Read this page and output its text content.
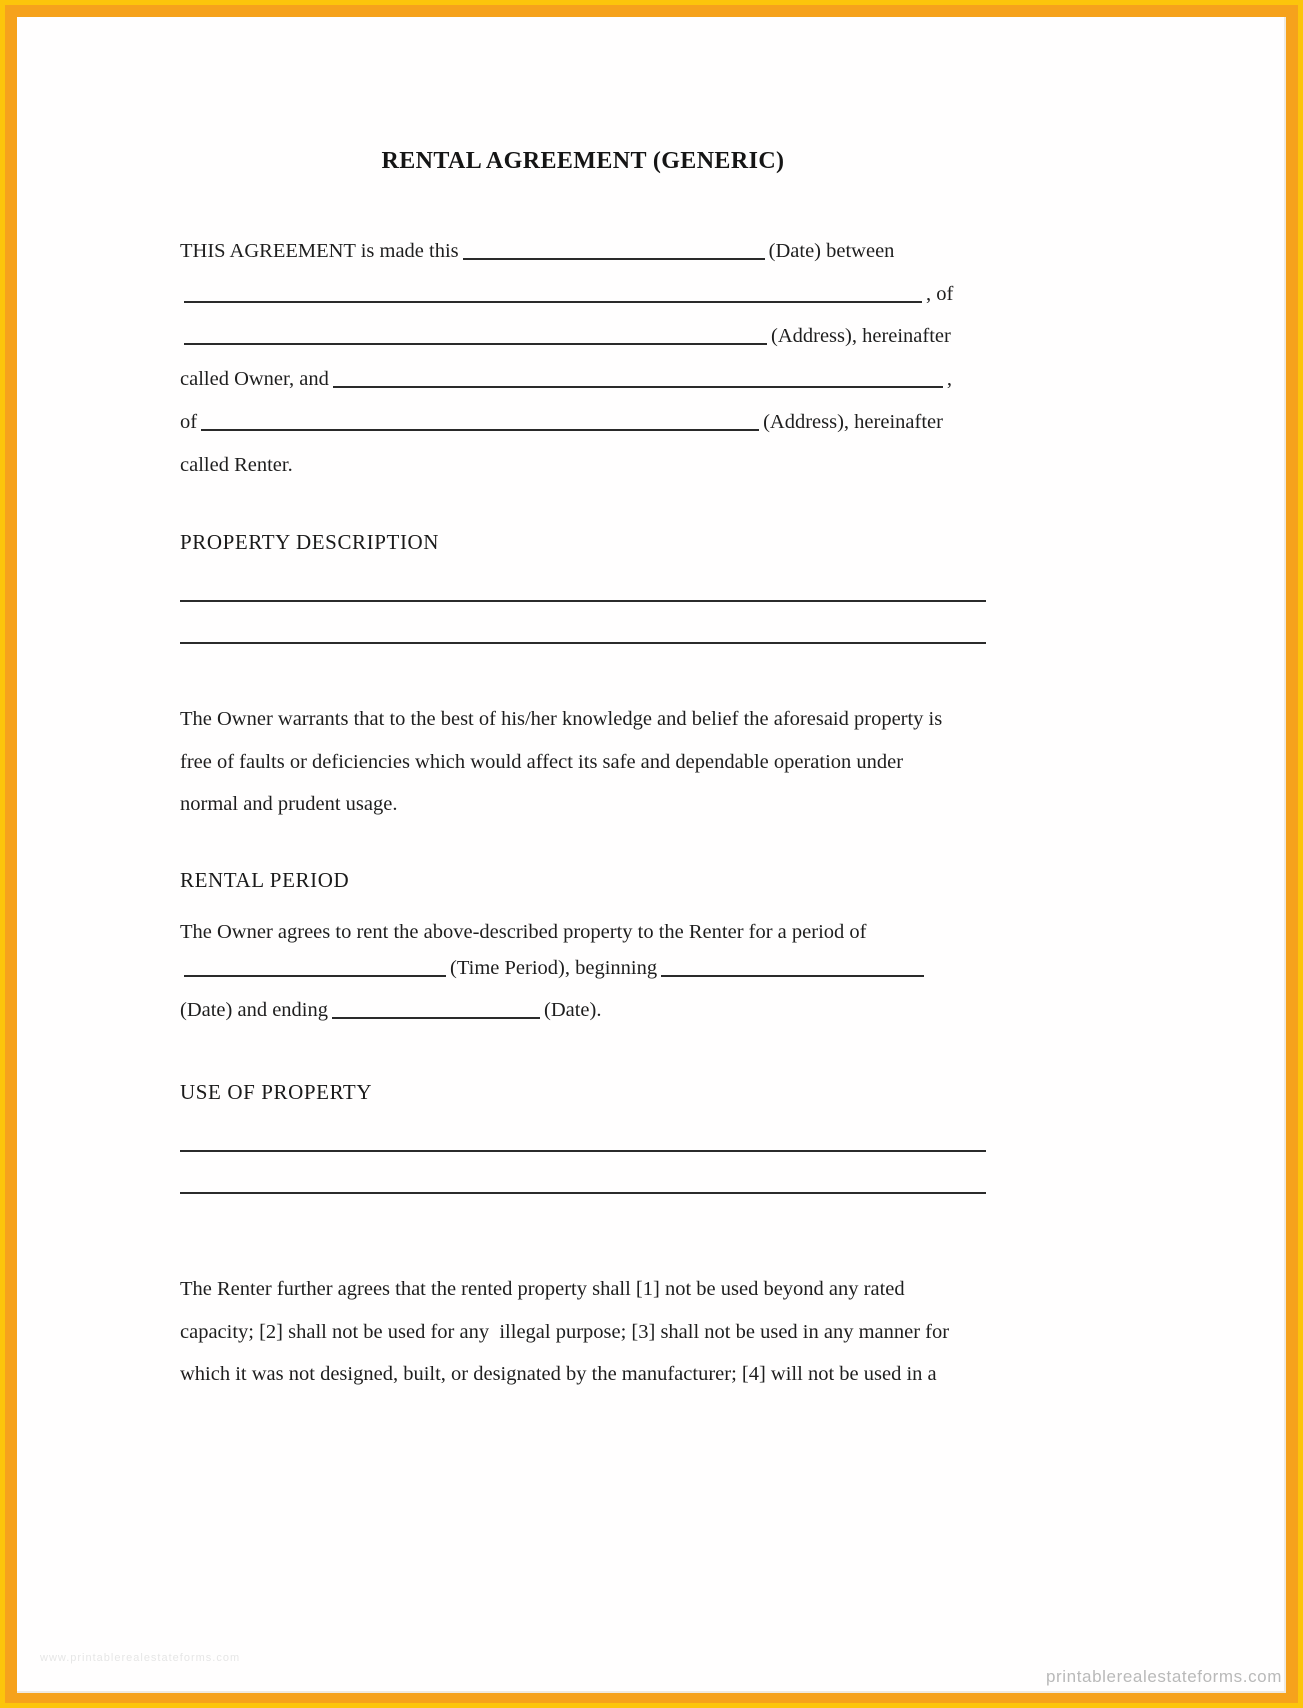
RENTAL AGREEMENT (GENERIC)
THIS AGREEMENT is made this	(Date) between
, of
(Address), hereinafter
called Owner, and	,
of	(Address), hereinafter
called Renter.
PROPERTY DESCRIPTION
The Owner warrants that to the best of his/her knowledge and belief the aforesaid property is
free of faults or deficiencies which would affect its safe and dependable operation under
normal and prudent usage.
RENTAL PERIOD
The Owner agrees to rent the above-described property to the Renter for a period of
(Time Period), beginning
(Date) and ending	(Date).
USE OF PROPERTY
The Renter further agrees that the rented property shall [1] not be used beyond any rated
capacity; [2] shall not be used for any  illegal purpose; [3] shall not be used in any manner for
which it was not designed, built, or designated by the manufacturer; [4] will not be used in a
www.printablerealestateforms.com
printablerealestateforms.com
